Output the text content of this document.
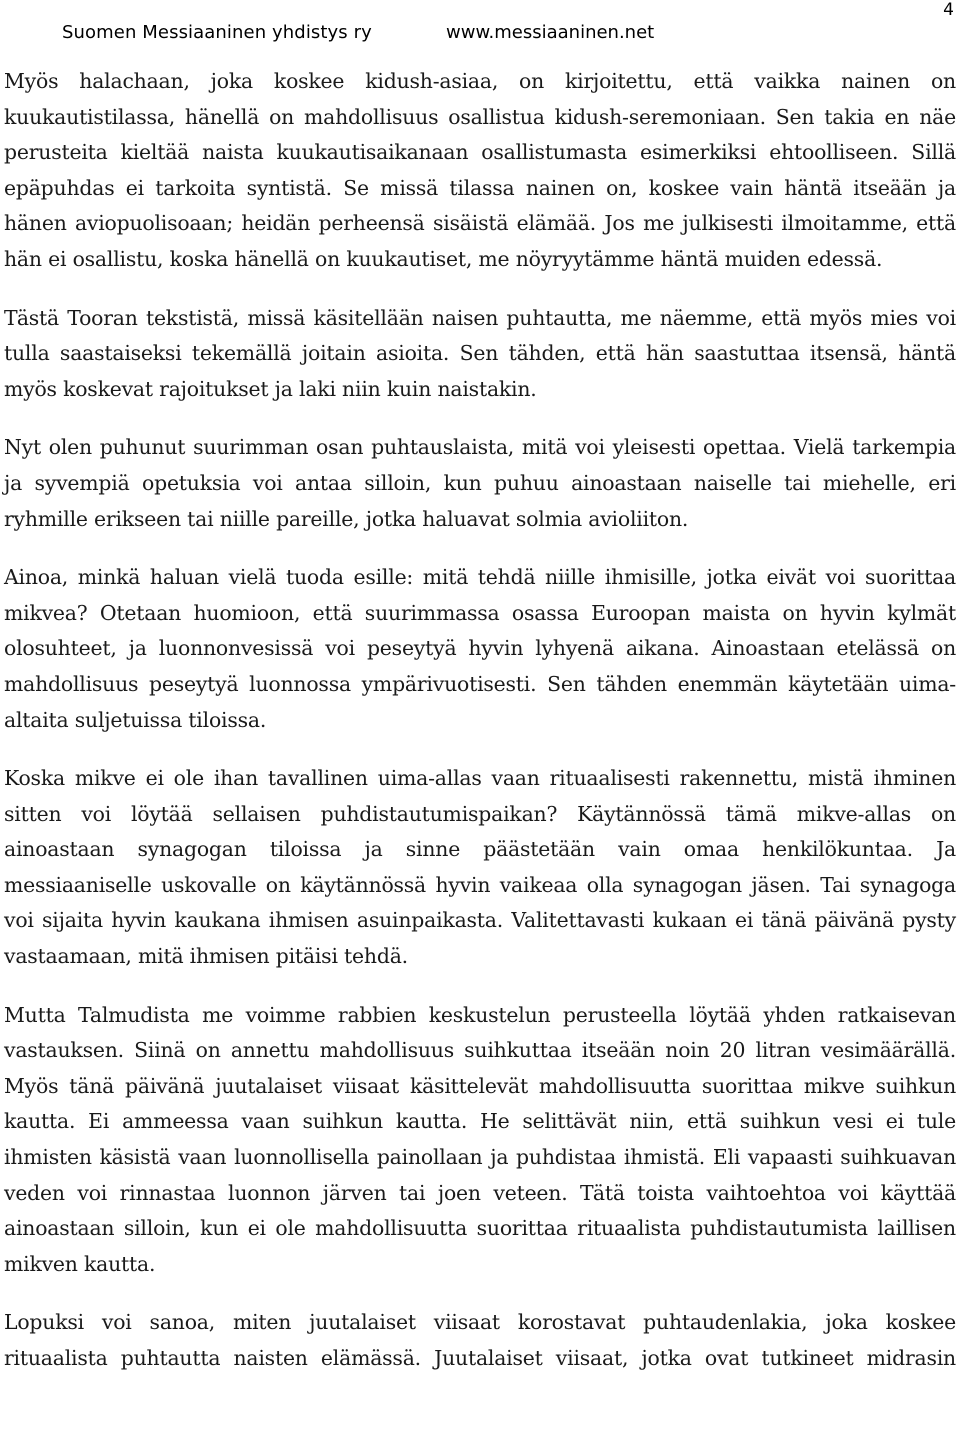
Suomen Messiaaninen yhdistys ry	www.messiaaninen.net
4

Myös halachaan, joka koskee kidush-asiaa, on kirjoitettu, että vaikka nainen on kuukautistilassa, hänellä on mahdollisuus osallistua kidush-seremoniaan. Sen takia en näe perusteita kieltää naista kuukautisaikanaan osallistumasta esimerkiksi ehtoolliseen. Sillä epäpuhdas ei tarkoita syntistä. Se missä tilassa nainen on, koskee vain häntä itseään ja hänen aviopuolisoaan; heidän perheensä sisäistä elämää. Jos me julkisesti ilmoitamme, että hän ei osallistu, koska hänellä on kuukautiset, me nöyryytämme häntä muiden edessä.

Tästä Tooran tekstistä, missä käsitellään naisen puhtautta, me näemme, että myös mies voi tulla saastaiseksi tekemällä joitain asioita. Sen tähden, että hän saastuttaa itsensä, häntä myös koskevat rajoitukset ja laki niin kuin naistakin.

Nyt olen puhunut suurimman osan puhtauslaista, mitä voi yleisesti opettaa. Vielä tarkempia ja syvempiä opetuksia voi antaa silloin, kun puhuu ainoastaan naiselle tai miehelle, eri ryhmille erikseen tai niille pareille, jotka haluavat solmia avioliiton.

Ainoa, minkä haluan vielä tuoda esille: mitä tehdä niille ihmisille, jotka eivät voi suorittaa mikvea? Otetaan huomioon, että suurimmassa osassa Euroopan maista on hyvin kylmät olosuhteet, ja luonnonvesissä voi peseytyä hyvin lyhyenä aikana. Ainoastaan etelässä on mahdollisuus peseytyä luonnossa ympärivuotisesti. Sen tähden enemmän käytetään uima-altaita suljetuissa tiloissa.

Koska mikve ei ole ihan tavallinen uima-allas vaan rituaalisesti rakennettu, mistä ihminen sitten voi löytää sellaisen puhdistautumispaikan? Käytännössä tämä mikve-allas on ainoastaan synagogan tiloissa ja sinne päästetään vain omaa henkilökuntaa. Ja messiaaniselle uskovalle on käytännössä hyvin vaikeaa olla synagogan jäsen. Tai synagoga voi sijaita hyvin kaukana ihmisen asuinpaikasta. Valitettavasti kukaan ei tänä päivänä pysty vastaamaan, mitä ihmisen pitäisi tehdä.

Mutta Talmudista me voimme rabbien keskustelun perusteella löytää yhden ratkaisevan vastauksen. Siinä on annettu mahdollisuus suihkuttaa itseään noin 20 litran vesimäärällä. Myös tänä päivänä juutalaiset viisaat käsittelevät mahdollisuutta suorittaa mikve suihkun kautta. Ei ammeessa vaan suihkun kautta. He selittävät niin, että suihkun vesi ei tule ihmisten käsistä vaan luonnollisella painollaan ja puhdistaa ihmistä. Eli vapaasti suihkuavan veden voi rinnastaa luonnon järven tai joen veteen. Tätä toista vaihtoehtoa voi käyttää ainoastaan silloin, kun ei ole mahdollisuutta suorittaa rituaalista puhdistautumista laillisen mikven kautta.

Lopuksi voi sanoa, miten juutalaiset viisaat korostavat puhtaudenlakia, joka koskee rituaalista puhtautta naisten elämässä. Juutalaiset viisaat, jotka ovat tutkineet midrasin
